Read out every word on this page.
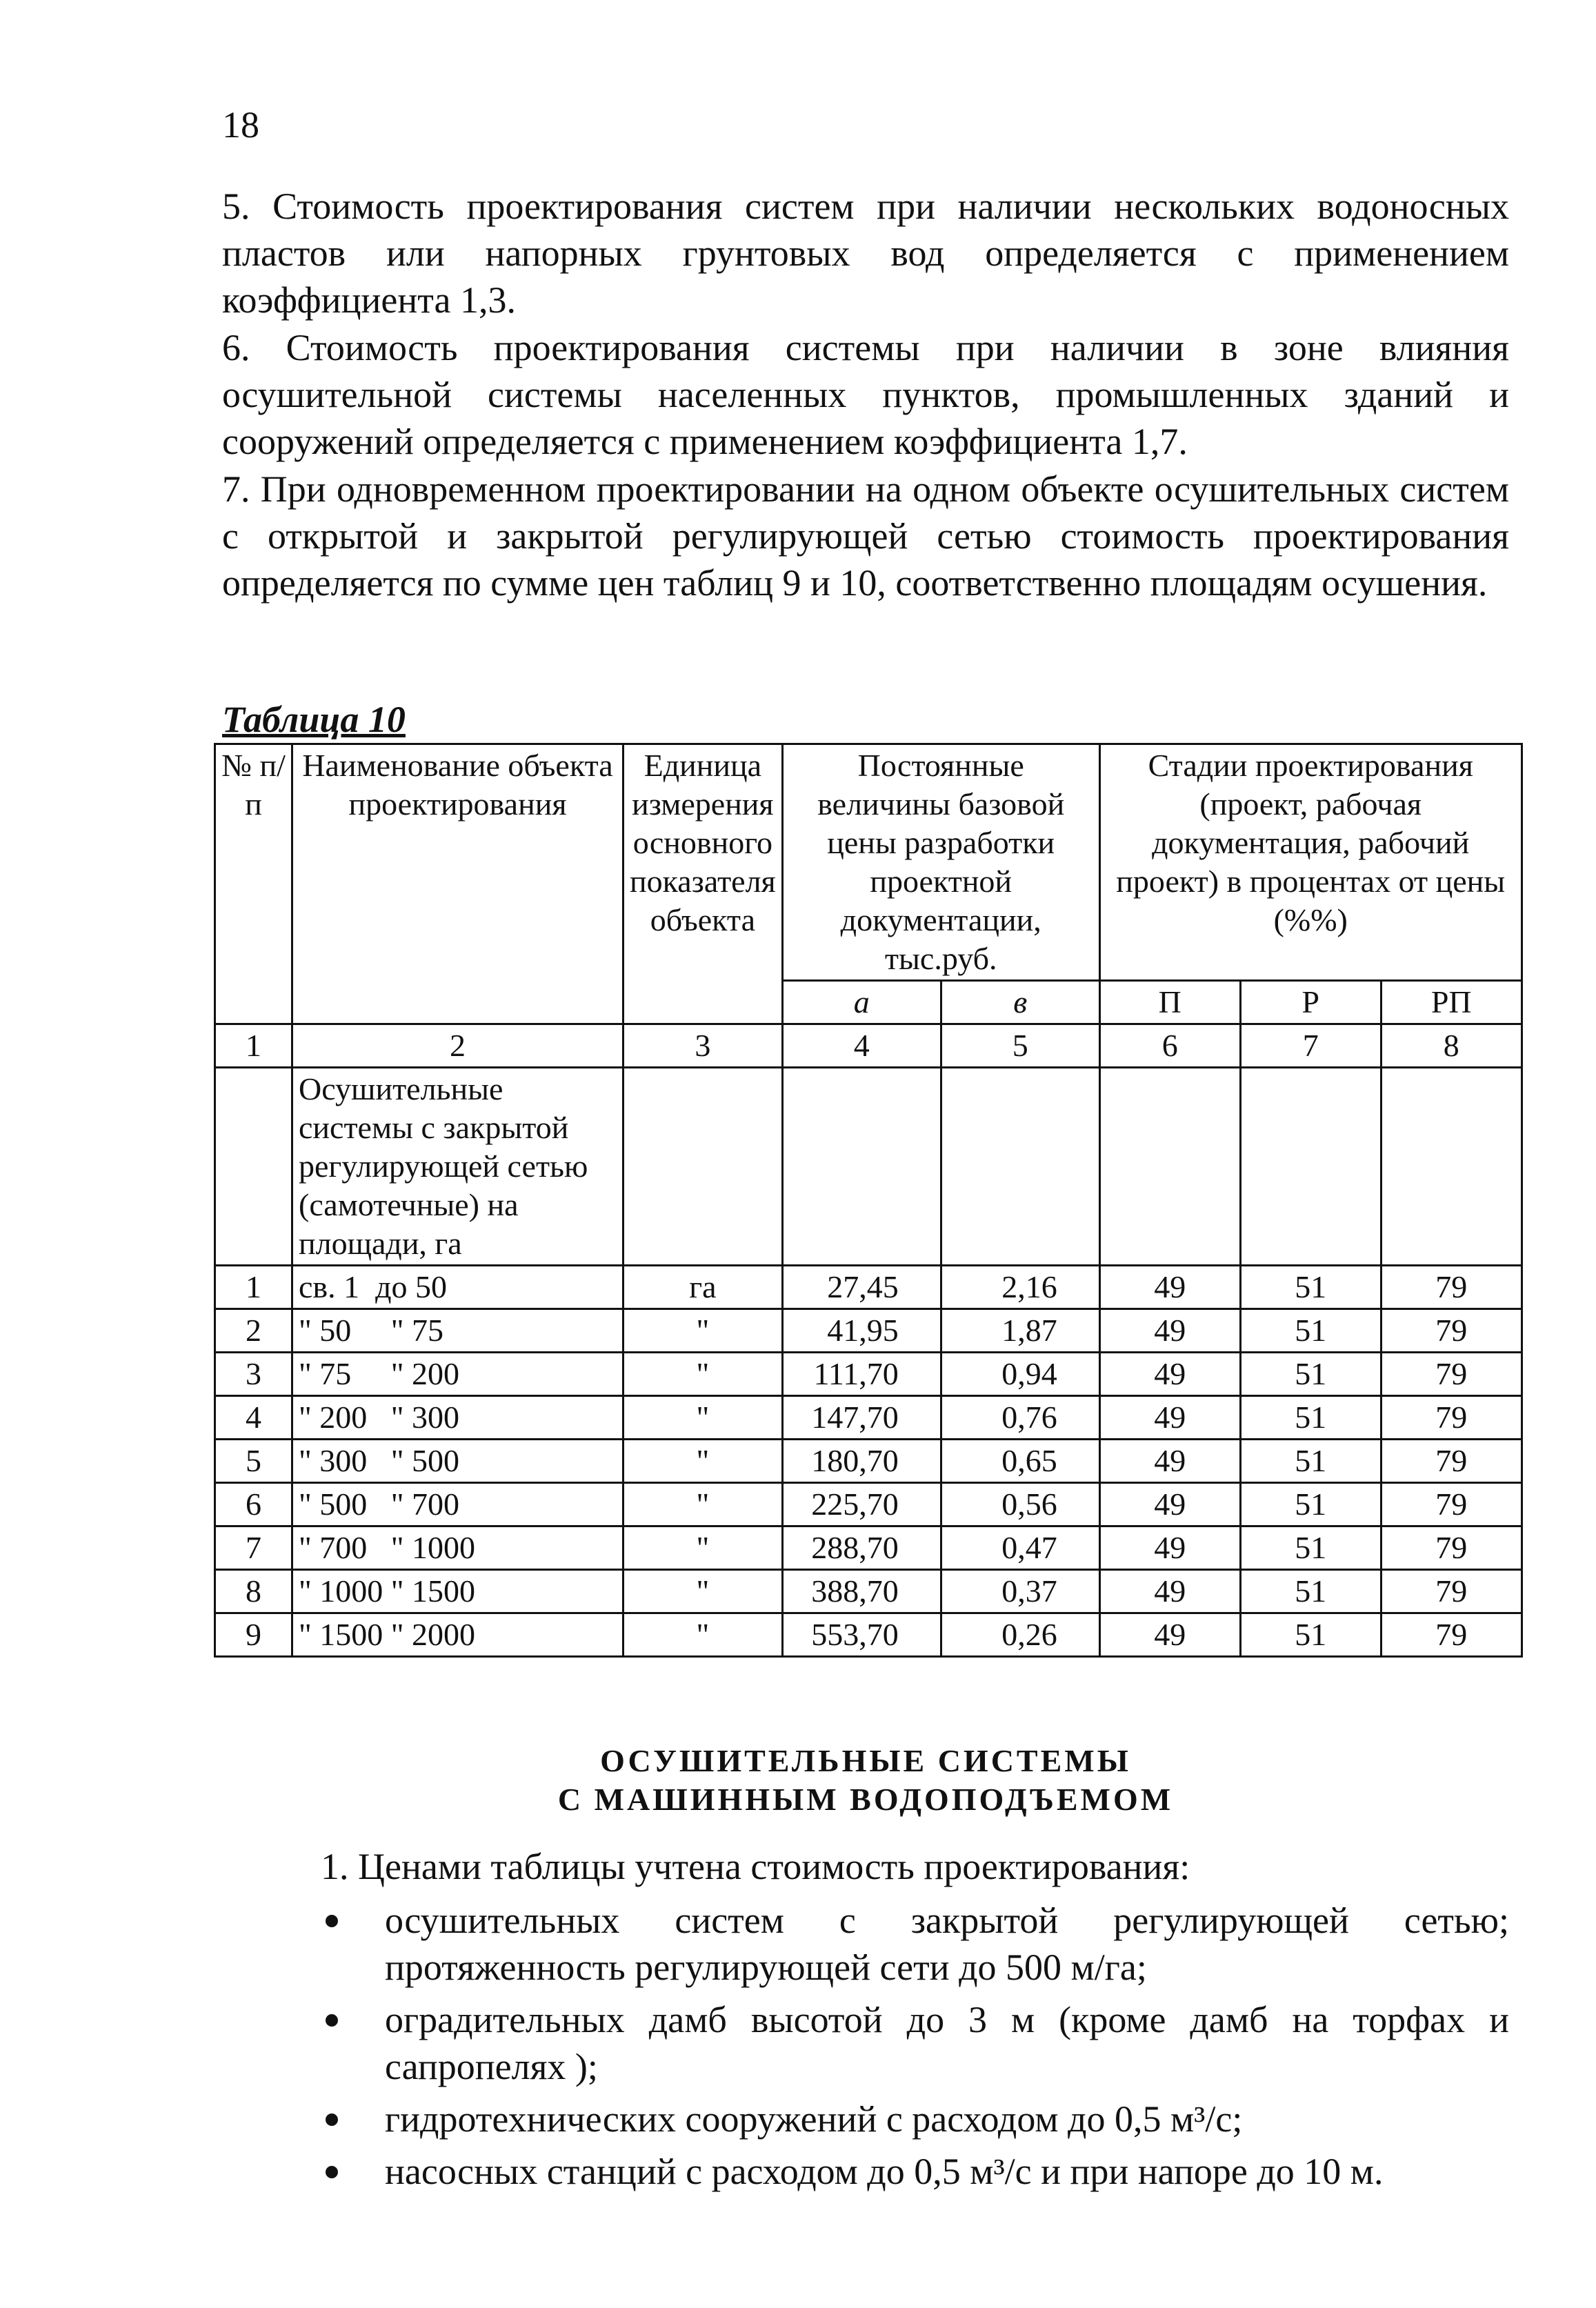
18

5. Стоимость проектирования систем при наличии нескольких водоносных пластов или напорных грунтовых вод определяется с применением коэффициента 1,3.

6. Стоимость проектирования системы при наличии в зоне влияния осушительной системы населенных пунктов, промышленных зданий и сооружений определяется с применением коэффициента 1,7.

7. При одновременном проектировании на одном объекте осушительных систем с открытой и закрытой регулирующей сетью стоимость проектирования определяется по сумме цен таблиц 9 и 10, соответственно площадям осушения.

Таблица 10
№ п/п	Наименование объекта проектирования	Единица измерения основного показателя объекта	Постоянные величины базовой цены разработки проектной документации, тыс.руб.		Стадии проектирования (проект, рабочая документация, рабочий проект) в процентах от цены (%%)		
			а	в	П	Р	РП
1	2	3	4	5	6	7	8
	Осушительные системы с закрытой регулирующей сетью (самотечные) на площади, га						
1	св. 1  до 50	га	27,45	2,16	49	51	79
2	" 50     " 75	"	41,95	1,87	49	51	79
3	" 75     " 200	"	111,70	0,94	49	51	79
4	" 200   " 300	"	147,70	0,76	49	51	79
5	" 300   " 500	"	180,70	0,65	49	51	79
6	" 500   " 700	"	225,70	0,56	49	51	79
7	" 700   " 1000	"	288,70	0,47	49	51	79
8	" 1000 " 1500	"	388,70	0,37	49	51	79
9	" 1500 " 2000	"	553,70	0,26	49	51	79
ОСУШИТЕЛЬНЫЕ СИСТЕМЫ
С МАШИННЫМ ВОДОПОДЪЕМОМ
1. Ценами таблицы учтена стоимость проектирования:
осушительных систем с закрытой регулирующей сетью; протяженность регулирующей сети до 500 м/га;
оградительных дамб высотой до 3 м (кроме дамб на торфах и сапропелях );
гидротехнических сооружений с расходом до 0,5 м³/с;
насосных станций с расходом до 0,5 м³/с и при напоре до 10 м.
